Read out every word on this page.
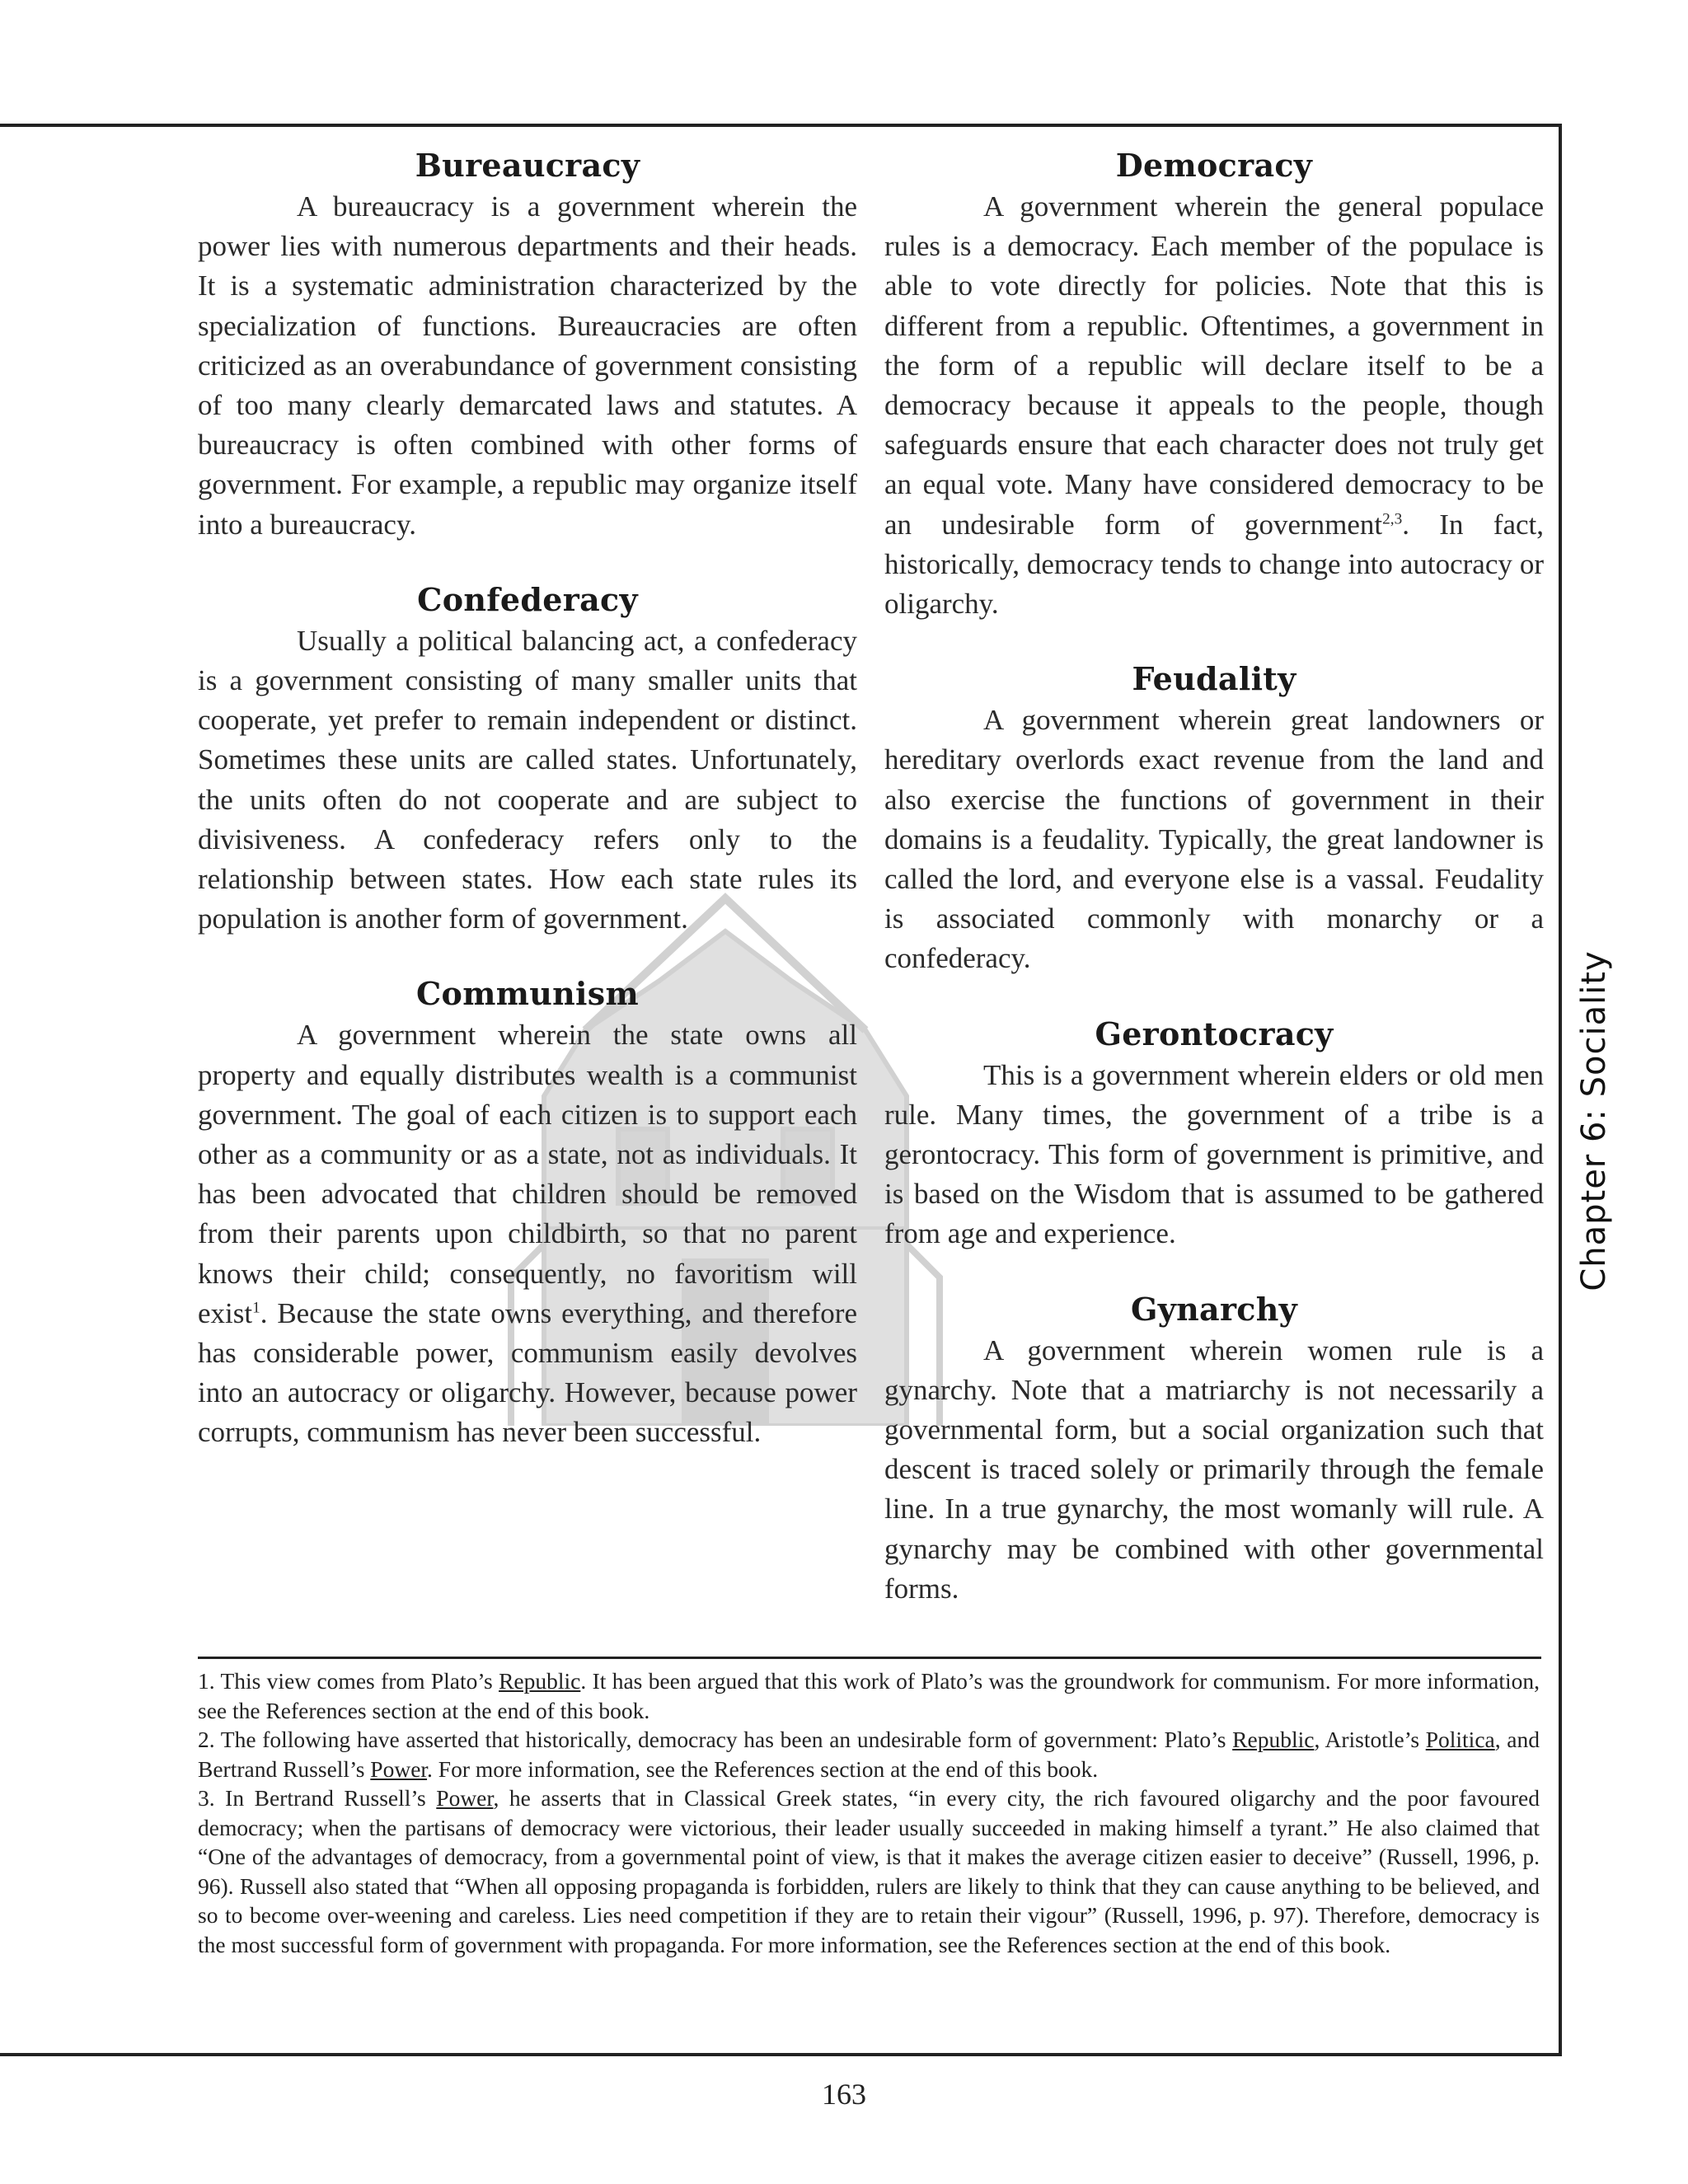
Bureaucracy

A bureaucracy is a government wherein the power lies with numerous departments and their heads. It is a systematic administration characterized by the specialization of functions. Bureaucracies are often criticized as an overabundance of government consisting of too many clearly demarcated laws and statutes. A bureaucracy is often combined with other forms of government. For example, a republic may organize itself into a bureaucracy.

Confederacy

Usually a political balancing act, a confederacy is a government consisting of many smaller units that cooperate, yet prefer to remain independent or distinct. Sometimes these units are called states. Unfortunately, the units often do not cooperate and are subject to divisiveness. A confederacy refers only to the relationship between states. How each state rules its population is another form of government.

Communism

A government wherein the state owns all property and equally distributes wealth is a communist government. The goal of each citizen is to support each other as a community or as a state, not as individuals. It has been advocated that children should be removed from their parents upon childbirth, so that no parent knows their child; consequently, no favoritism will exist$^1$. Because the state owns everything, and therefore has considerable power, communism easily devolves into an autocracy or oligarchy. However, because power corrupts, communism has never been successful.

Democracy

A government wherein the general populace rules is a democracy. Each member of the populace is able to vote directly for policies. Note that this is different from a republic. Oftentimes, a government in the form of a republic will declare itself to be a democracy because it appeals to the people, though safeguards ensure that each character does not truly get an equal vote. Many have considered democracy to be an undesirable form of government$^{2,3}$. In fact, historically, democracy tends to change into autocracy or oligarchy.

Feudality

A government wherein great landowners or hereditary overlords exact revenue from the land and also exercise the functions of government in their domains is a feudality. Typically, the great landowner is called the lord, and everyone else is a vassal. Feudality is associated commonly with monarchy or a confederacy.

Gerontocracy

This is a government wherein elders or old men rule. Many times, the government of a tribe is a gerontocracy. This form of government is primitive, and is based on the Wisdom that is assumed to be gathered from age and experience.

Gynarchy

A government wherein women rule is a gynarchy. Note that a matriarchy is not necessarily a governmental form, but a social organization such that descent is traced solely or primarily through the female line. In a true gynarchy, the most womanly will rule. A gynarchy may be combined with other governmental forms.

Chapter 6: Sociality

1. This view comes from Plato’s Republic. It has been argued that this work of Plato’s was the groundwork for communism. For more information, see the References section at the end of this book.

2. The following have asserted that historically, democracy has been an undesirable form of government: Plato’s Republic, Aristotle’s Politica, and Bertrand Russell’s Power. For more information, see the References section at the end of this book.

3. In Bertrand Russell’s Power, he asserts that in Classical Greek states, “in every city, the rich favoured oligarchy and the poor favoured democracy; when the partisans of democracy were victorious, their leader usually succeeded in making himself a tyrant.” He also claimed that “One of the advantages of democracy, from a governmental point of view, is that it makes the average citizen easier to deceive” (Russell, 1996, p. 96). Russell also stated that “When all opposing propaganda is forbidden, rulers are likely to think that they can cause anything to be believed, and so to become over-weening and careless. Lies need competition if they are to retain their vigour” (Russell, 1996, p. 97). Therefore, democracy is the most successful form of government with propaganda. For more information, see the References section at the end of this book.

163
